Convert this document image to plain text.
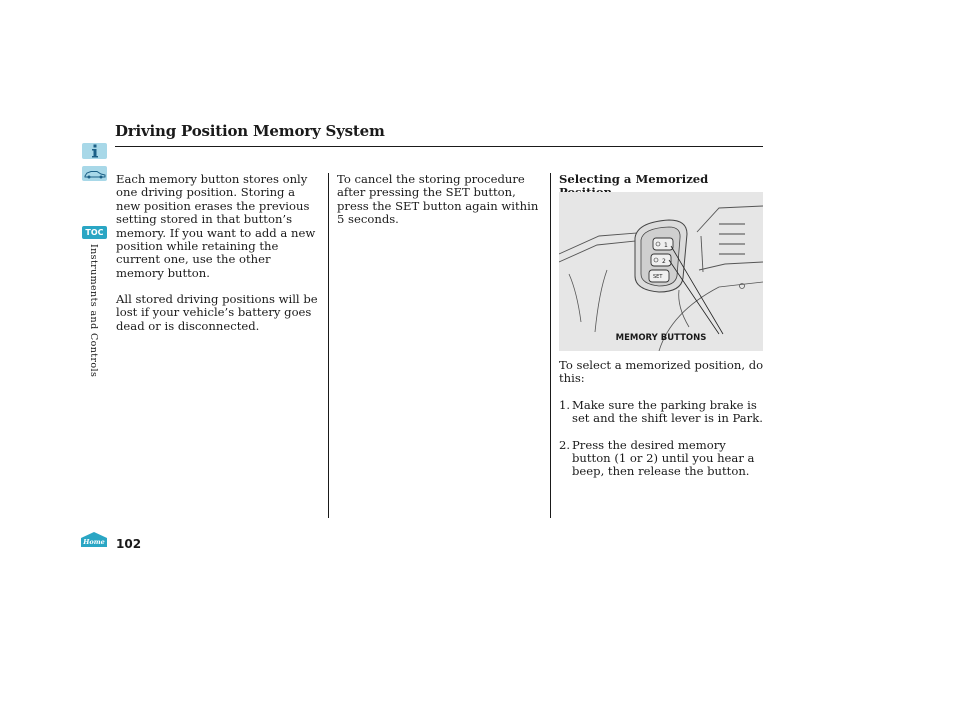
Driving Position Memory System
TOC
Instruments and Controls

Each memory button stores only one driving position. Storing a new position erases the previous setting stored in that button’s memory. If you want to add a new position while retaining the current one, use the other memory button.

All stored driving positions will be lost if your vehicle’s battery goes dead or is disconnected.

To cancel the storing procedure after pressing the SET button, press the SET button again within 5 seconds.

Selecting a Memorized

1
2
SET
MEMORY BUTTONS

To select a memorized position, do this:

1. Make sure the parking brake is set and the shift lever is in Park.
2. Press the desired memory button (1 or 2) until you hear a beep, then release the button.
Home 102
